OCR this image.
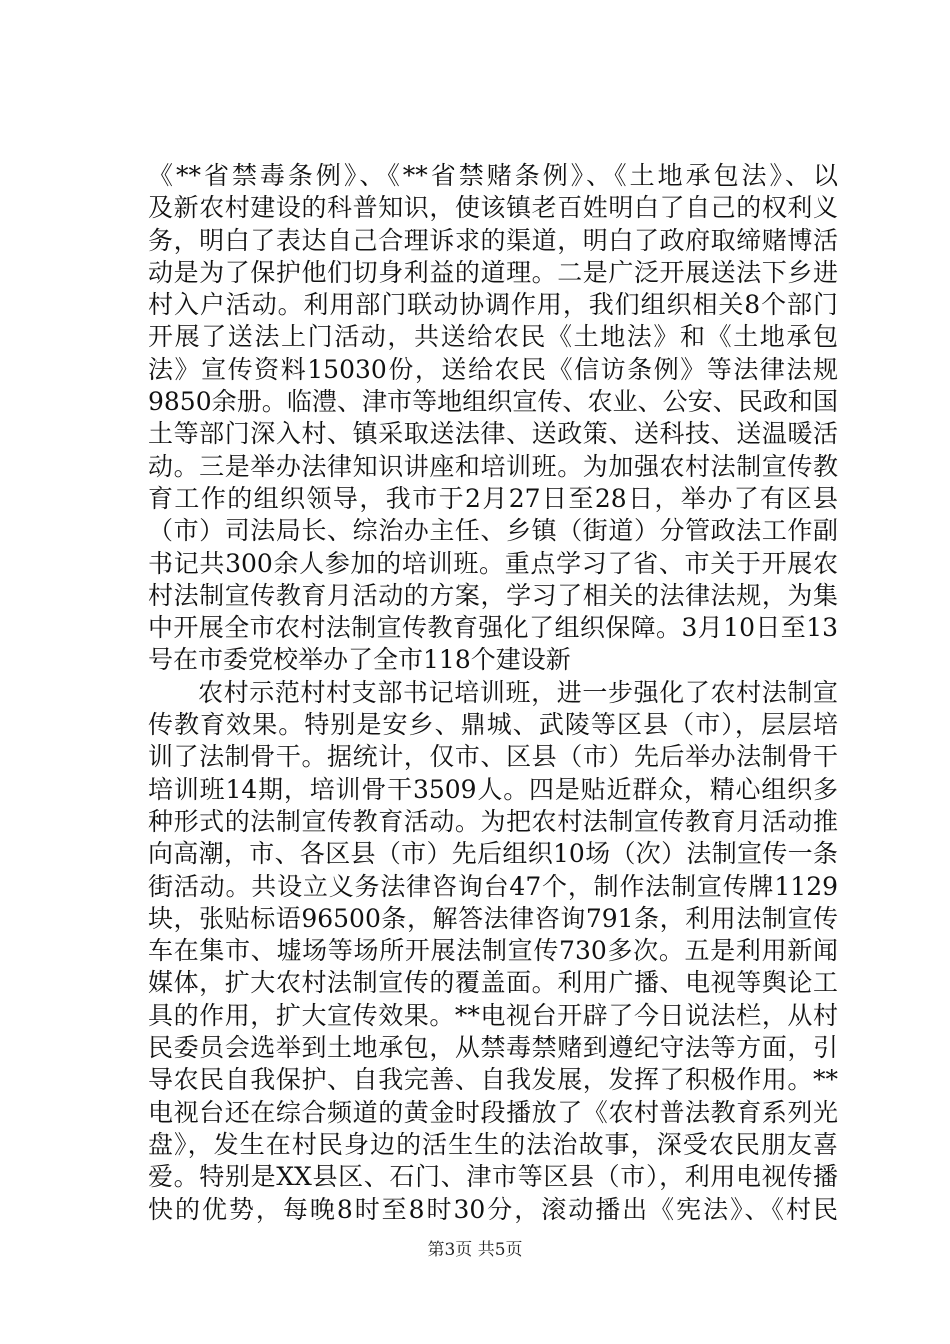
《**省禁毒条例》、《**省禁赌条例》、《土地承包法》、以
及新农村建设的科普知识，使该镇老百姓明白了自己的权利义
务，明白了表达自己合理诉求的渠道，明白了政府取缔赌博活
动是为了保护他们切身利益的道理。二是广泛开展送法下乡进
村入户活动。利用部门联动协调作用，我们组织相关8个部门
开展了送法上门活动，共送给农民《土地法》和《土地承包
法》宣传资料15030份，送给农民《信访条例》等法律法规
9850余册。临澧、津市等地组织宣传、农业、公安、民政和国
土等部门深入村、镇采取送法律、送政策、送科技、送温暖活
动。三是举办法律知识讲座和培训班。为加强农村法制宣传教
育工作的组织领导，我市于2月27日至28日，举办了有区县
（市）司法局长、综治办主任、乡镇（街道）分管政法工作副
书记共300余人参加的培训班。重点学习了省、市关于开展农
村法制宣传教育月活动的方案，学习了相关的法律法规，为集
中开展全市农村法制宣传教育强化了组织保障。3月10日至13
号在市委党校举办了全市118个建设新
农村示范村村支部书记培训班，进一步强化了农村法制宣
传教育效果。特别是安乡、鼎城、武陵等区县（市），层层培
训了法制骨干。据统计，仅市、区县（市）先后举办法制骨干
培训班14期，培训骨干3509人。四是贴近群众，精心组织多
种形式的法制宣传教育活动。为把农村法制宣传教育月活动推
向高潮，市、各区县（市）先后组织10场（次）法制宣传一条
街活动。共设立义务法律咨询台47个，制作法制宣传牌1129
块，张贴标语96500条，解答法律咨询791条，利用法制宣传
车在集市、墟场等场所开展法制宣传730多次。五是利用新闻
媒体，扩大农村法制宣传的覆盖面。利用广播、电视等舆论工
具的作用，扩大宣传效果。**电视台开辟了今日说法栏，从村
民委员会选举到土地承包，从禁毒禁赌到遵纪守法等方面，引
导农民自我保护、自我完善、自我发展，发挥了积极作用。**
电视台还在综合频道的黄金时段播放了《农村普法教育系列光
盘》，发生在村民身边的活生生的法治故事，深受农民朋友喜
爱。特别是XX县区、石门、津市等区县（市），利用电视传播
快的优势，每晚8时至8时30分，滚动播出《宪法》、《村民
第3页 共5页
